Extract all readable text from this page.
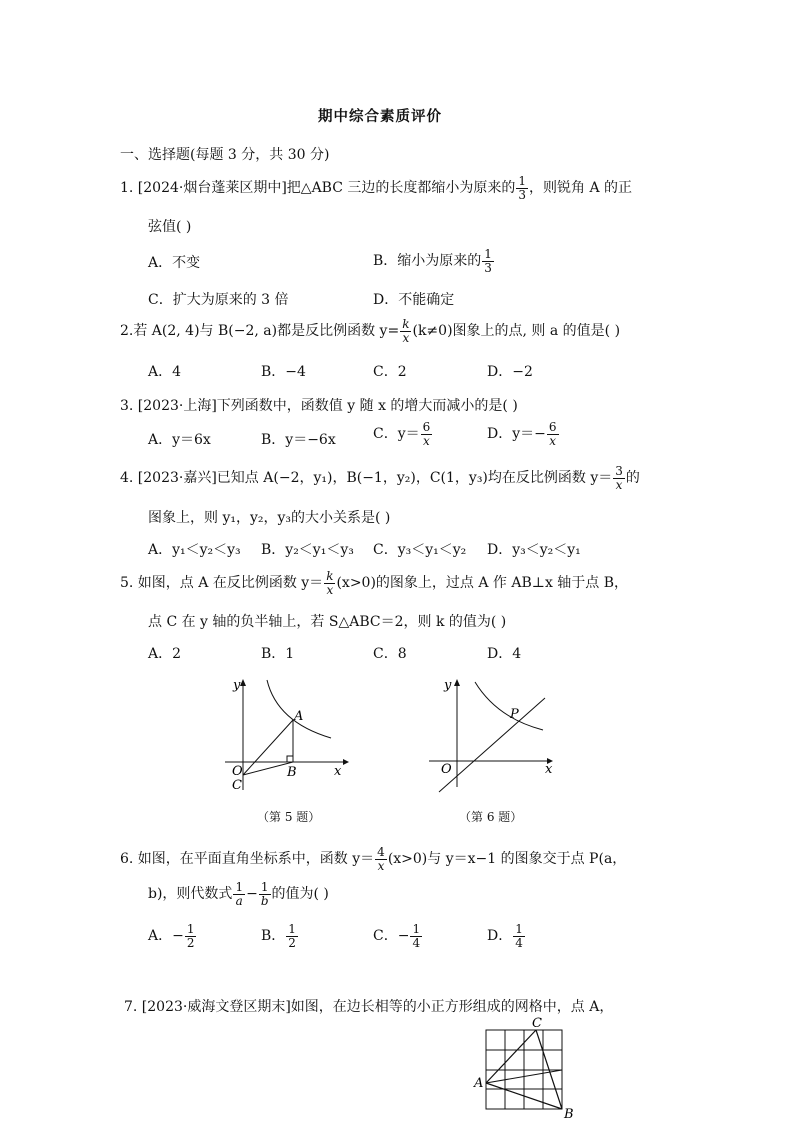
期中综合素质评价
一、选择题(每题 3 分，共 30 分)
1. [2024·烟台蓬莱区期中]把△ABC 三边的长度都缩小为原来的 $\frac{1}{3}$ ，则锐角 A 的正
弦值( )
A．不变	B．缩小为原来的 $\frac{1}{3}$
C．扩大为原来的 3 倍	D．不能确定
2.若 A(2, 4)与 B(−2, a)都是反比例函数 $y= \frac{k}{x} (k\ne 0)$图象上的点, 则 a 的值是( )
A．4	B．−4	C．2	D．−2
3. [2023·上海]下列函数中，函数值 y 随 x 的增大而减小的是( )
A．y＝6x	B．y＝−6x	C．$y= \frac{6}{x}$	D．$y=- \frac{6}{x}$
4. [2023·嘉兴]已知点 A(−2，y₁)，B(−1，y₂)，C(1，y₃)均在反比例函数 $y= \frac{3}{x}$ 的
图象上，则 y₁，y₂，y₃的大小关系是( )
A．y₁＜y₂＜y₃ B．y₂＜y₁＜y₃ C．y₃＜y₁＜y₂ D．y₃＜y₂＜y₁
5. 如图，点 A 在反比例函数 $y= \frac{k}{x} (x>0)$的图象上，过点 A 作 AB⊥x 轴于点 B，
点 C 在 y 轴的负半轴上，若 S△ABC＝2，则 k 的值为( )
A．2	B．1	C．8	D．4
y
x
A
B
O
C
（第 5 题）
y
x
P
O
（第 6 题）
6. 如图，在平面直角坐标系中，函数 $y= \frac{4}{x} (x>0)$与 y＝x−1 的图象交于点 P(a，
b)，则代数式 $\frac{1}{a} - \frac{1}{b}$ 的值为( )
A．− $\frac{1}{2}$	B． $\frac{1}{2}$	C．− $\frac{1}{4}$	D． $\frac{1}{4}$
7. [2023·威海文登区期末]如图，在边长相等的小正方形组成的网格中，点 A，
C
A
B
